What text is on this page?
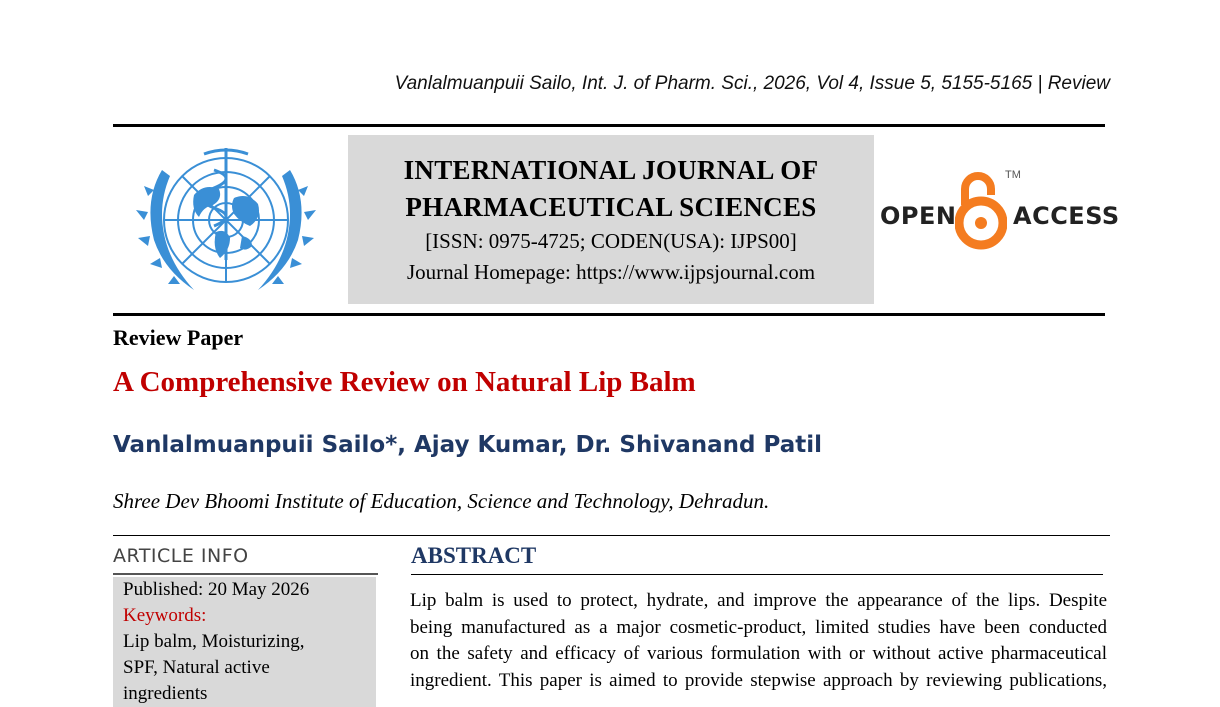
Vanlalmuanpuii Sailo, Int. J. of Pharm. Sci., 2026, Vol 4, Issue 5, 5155-5165 | Review
INTERNATIONAL JOURNAL OF
PHARMACEUTICAL SCIENCES
[ISSN: 0975-4725; CODEN(USA): IJPS00]
Journal Homepage: https://www.ijpsjournal.com
OPEN
TM
ACCESS
Review Paper
A Comprehensive Review on Natural Lip Balm
Vanlalmuanpuii Sailo*, Ajay Kumar, Dr. Shivanand Patil
Shree Dev Bhoomi Institute of Education, Science and Technology, Dehradun.
ARTICLE INFO
Published: 20 May 2026
Keywords:
Lip balm, Moisturizing,
SPF, Natural active
ingredients
ABSTRACT
Lip balm is used to protect, hydrate, and improve the appearance of the lips. Despite
being manufactured as a major cosmetic-product, limited studies have been conducted
on the safety and efficacy of various formulation with or without active pharmaceutical
ingredient. This paper is aimed to provide stepwise approach by reviewing publications,
